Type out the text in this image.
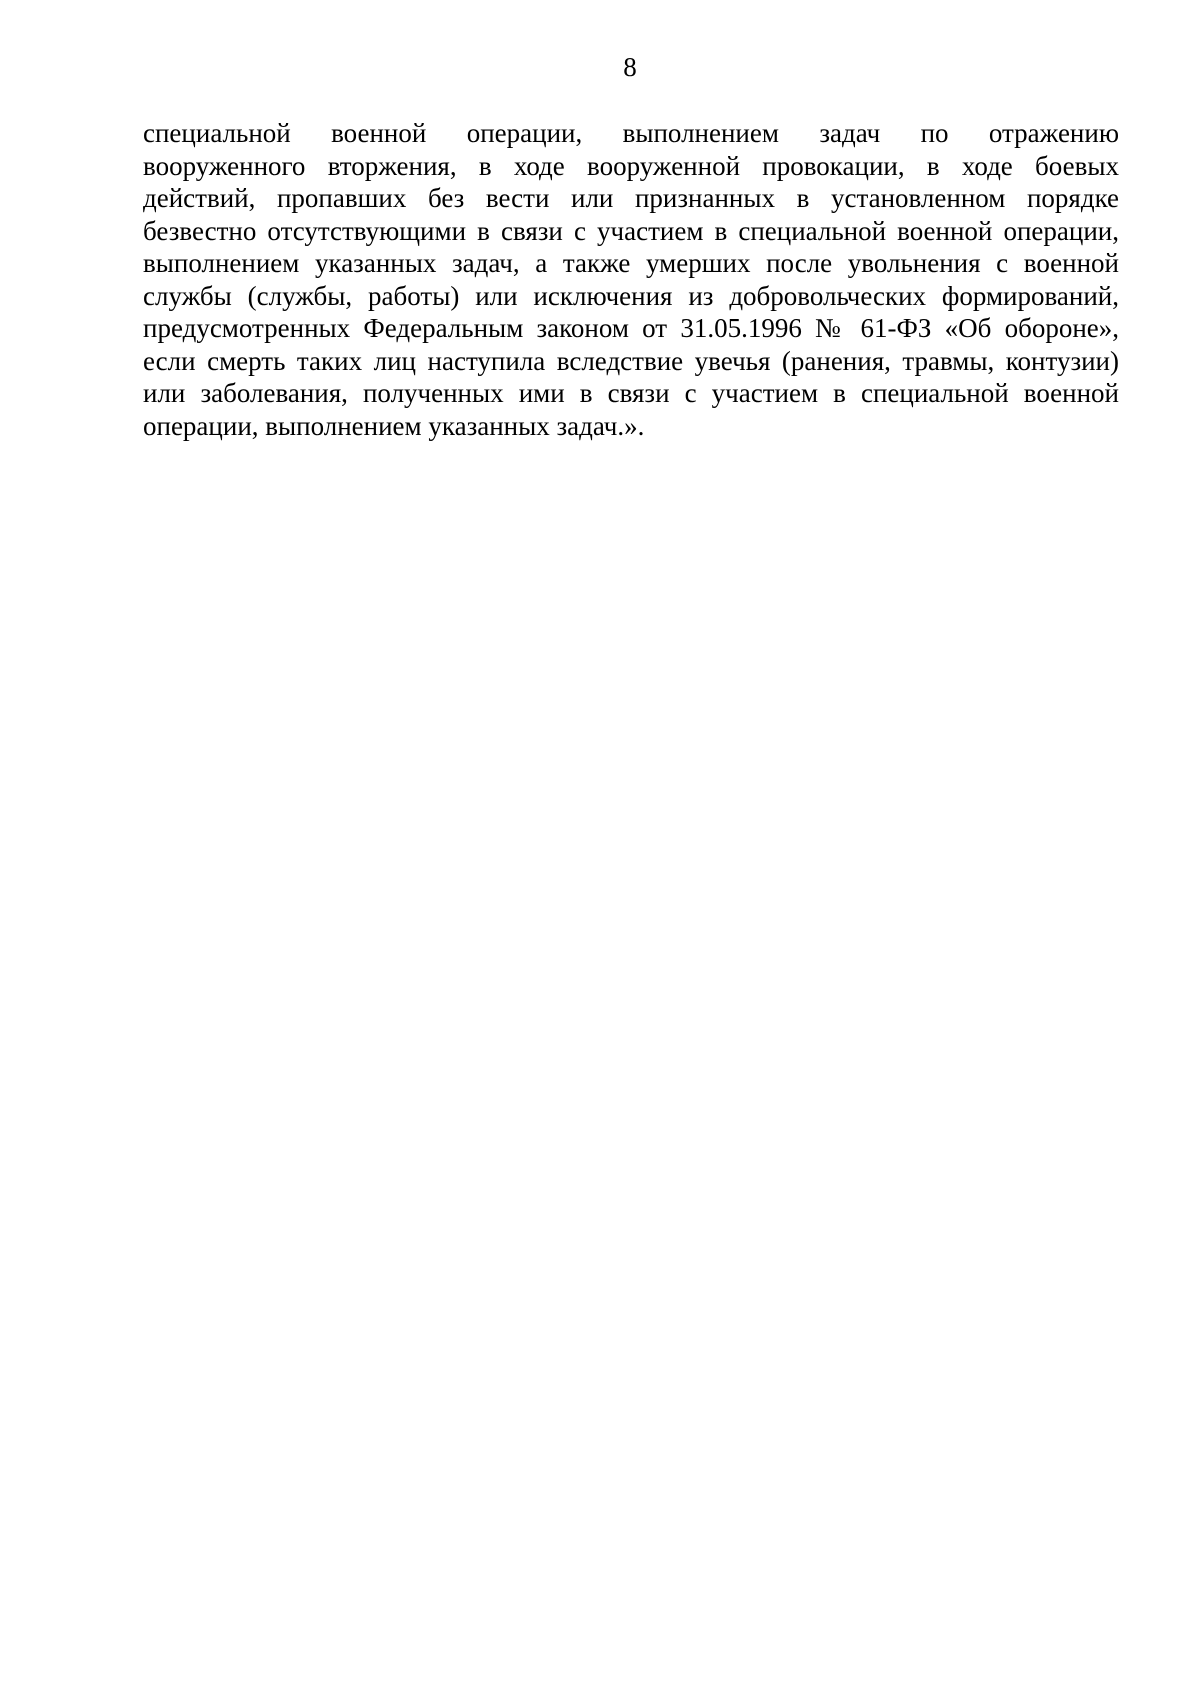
8
специальной военной операции, выполнением задач по отражению
вооруженного вторжения, в ходе вооруженной провокации, в ходе боевых
действий, пропавших без вести или признанных в установленном порядке
безвестно отсутствующими в связи с участием в специальной военной операции,
выполнением указанных задач, а также умерших после увольнения с военной
службы (службы, работы) или исключения из добровольческих формирований,
предусмотренных Федеральным законом от 31.05.1996 № 61-ФЗ «Об обороне»,
если смерть таких лиц наступила вследствие увечья (ранения, травмы, контузии)
или заболевания, полученных ими в связи с участием в специальной военной
операции, выполнением указанных задач.».
